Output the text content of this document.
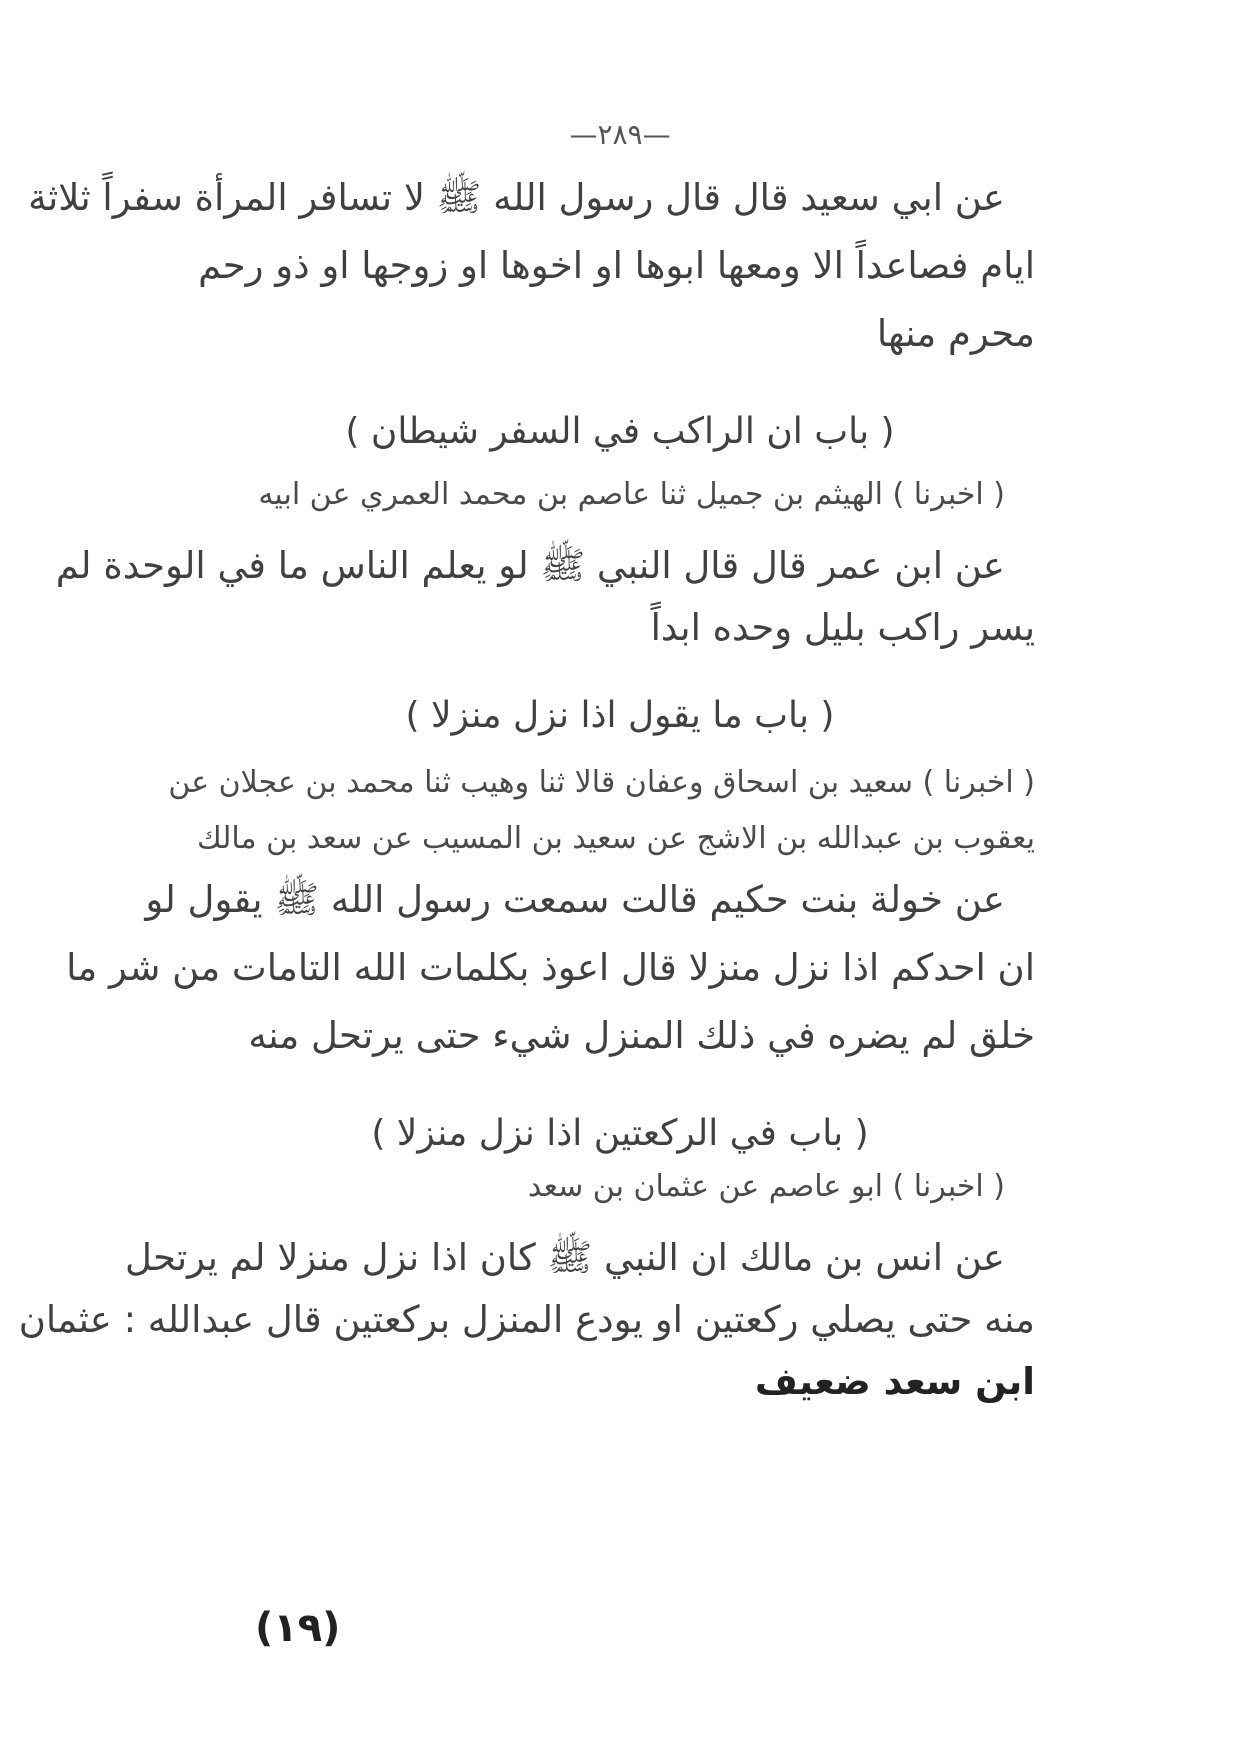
—٢٨٩—
عن ابي سعيد قال قال رسول الله ﷺ لا تسافر المرأة سفراً ثلاثة
ايام فصاعداً الا ومعها ابوها او اخوها او زوجها او ذو رحم
محرم منها
( باب ان الراكب في السفر شيطان )
( اخبرنا ) الهيثم بن جميل ثنا عاصم بن محمد العمري عن ابيه
عن ابن عمر قال قال النبي ﷺ لو يعلم الناس ما في الوحدة لم
يسر راكب بليل وحده ابداً
( باب ما يقول اذا نزل منزلا )
( اخبرنا ) سعيد بن اسحاق وعفان قالا ثنا وهيب ثنا محمد بن عجلان عن
يعقوب بن عبدالله بن الاشج عن سعيد بن المسيب عن سعد بن مالك
عن خولة بنت حكيم قالت سمعت رسول الله ﷺ يقول لو
ان احدكم اذا نزل منزلا قال اعوذ بكلمات الله التامات من شر ما
خلق لم يضره في ذلك المنزل شيء حتى يرتحل منه
( باب في الركعتين اذا نزل منزلا )
( اخبرنا ) ابو عاصم عن عثمان بن سعد
عن انس بن مالك ان النبي ﷺ كان اذا نزل منزلا لم يرتحل
منه حتى يصلي ركعتين او يودع المنزل بركعتين قال عبدالله : عثمان
ابن سعد ضعيف
(١٩)
